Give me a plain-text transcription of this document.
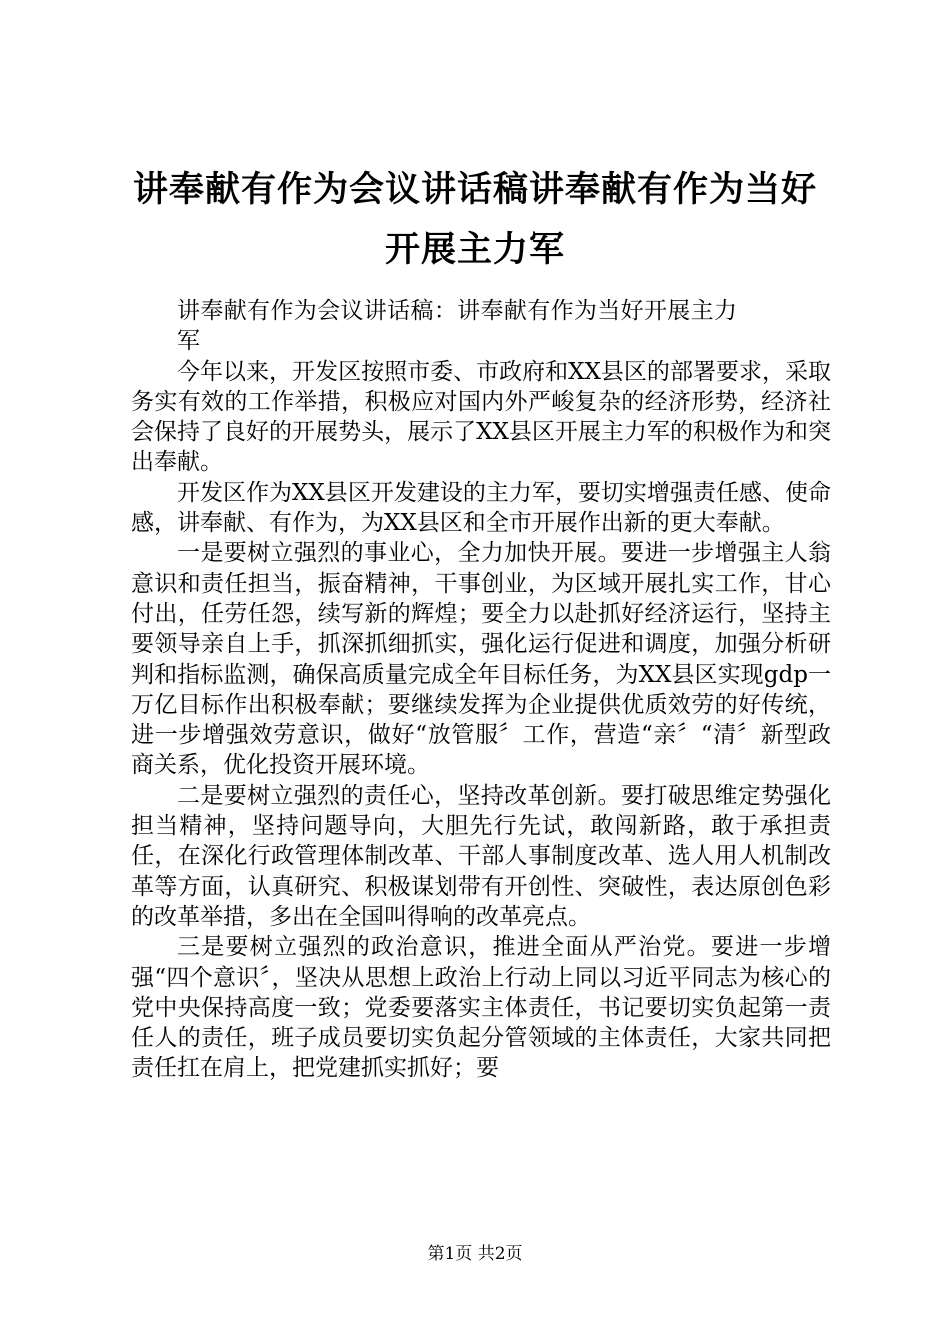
讲奉献有作为会议讲话稿讲奉献有作为当好开展主力军

讲奉献有作为会议讲话稿：讲奉献有作为当好开展主力军

今年以来，开发区按照市委、市政府和XX县区的部署要求，采取务实有效的工作举措，积极应对国内外严峻复杂的经济形势，经济社会保持了良好的开展势头，展示了XX县区开展主力军的积极作为和突出奉献。

开发区作为XX县区开发建设的主力军，要切实增强责任感、使命感，讲奉献、有作为，为XX县区和全市开展作出新的更大奉献。

一是要树立强烈的事业心，全力加快开展。要进一步增强主人翁意识和责任担当，振奋精神，干事创业，为区域开展扎实工作，甘心付出，任劳任怨，续写新的辉煌；要全力以赴抓好经济运行，坚持主要领导亲自上手，抓深抓细抓实，强化运行促进和调度，加强分析研判和指标监测，确保高质量完成全年目标任务，为XX县区实现gdp一万亿目标作出积极奉献；要继续发挥为企业提供优质效劳的好传统，进一步增强效劳意识，做好“放管服〞工作，营造“亲〞“清〞新型政商关系，优化投资开展环境。

二是要树立强烈的责任心，坚持改革创新。要打破思维定势强化担当精神，坚持问题导向，大胆先行先试，敢闯新路，敢于承担责任，在深化行政管理体制改革、干部人事制度改革、选人用人机制改革等方面，认真研究、积极谋划带有开创性、突破性，表达原创色彩的改革举措，多出在全国叫得响的改革亮点。

三是要树立强烈的政治意识，推进全面从严治党。要进一步增强“四个意识〞，坚决从思想上政治上行动上同以习近平同志为核心的党中央保持高度一致；党委要落实主体责任，书记要切实负起第一责任人的责任，班子成员要切实负起分管领域的主体责任，大家共同把责任扛在肩上，把党建抓实抓好；要

第1页 共2页
